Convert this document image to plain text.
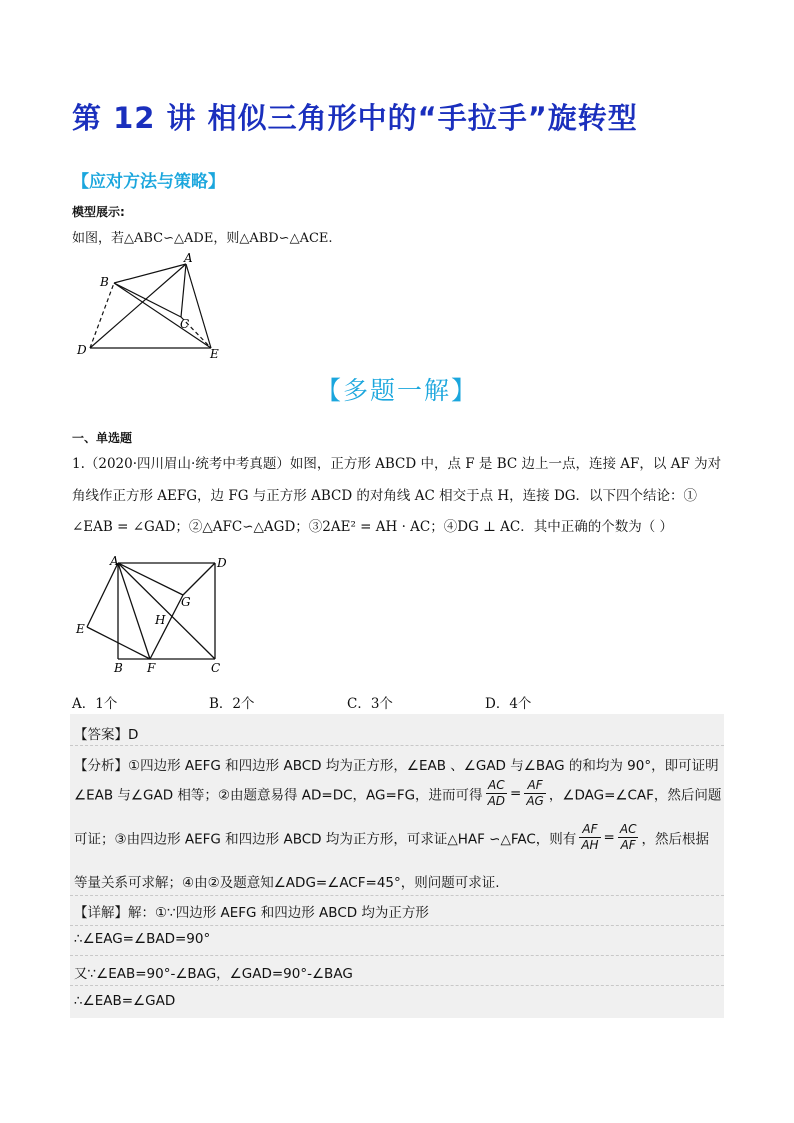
第 12 讲 相似三角形中的“手拉手”旋转型
【应对方法与策略】
模型展示:
如图，若△ABC∽△ADE，则△ABD∽△ACE.
A
B
C
D	E
【多题一解】
一、单选题
1.（2020·四川眉山·统考中考真题）如图，正方形 ABCD 中，点 F 是 BC 边上一点，连接 AF，以 AF 为对
角线作正方形 AEFG，边 FG 与正方形 ABCD 的对角线 AC 相交于点 H，连接 DG．以下四个结论：①
∠EAB = ∠GAD；②△AFC∽△AGD；③2AE² = AH · AC；④DG ⊥ AC．其中正确的个数为（ ）
A	D
G
H
E
B F	C
A．1个	B．2个	C．3个	D．4个
【答案】D
【分析】①四边形 AEFG 和四边形 ABCD 均为正方形，∠EAB 、∠GAD 与∠BAG 的和均为 90°，即可证明
∠EAB 与∠GAD 相等；②由题意易得 AD=DC，AG=FG，进而可得 $\frac{AC}{AD} = \frac{AF}{AG}$ ，∠DAG=∠CAF，然后问题
可证；③由四边形 AEFG 和四边形 ABCD 均为正方形，可求证△HAF ∽△FAC，则有 $\frac{AF}{AH} = \frac{AC}{AF}$ ，然后根据
等量关系可求解；④由②及题意知∠ADG=∠ACF=45°，则问题可求证.
【详解】解：①∵四边形 AEFG 和四边形 ABCD 均为正方形
∴∠EAG=∠BAD=90°
又∵∠EAB=90°-∠BAG，∠GAD=90°-∠BAG
∴∠EAB=∠GAD
